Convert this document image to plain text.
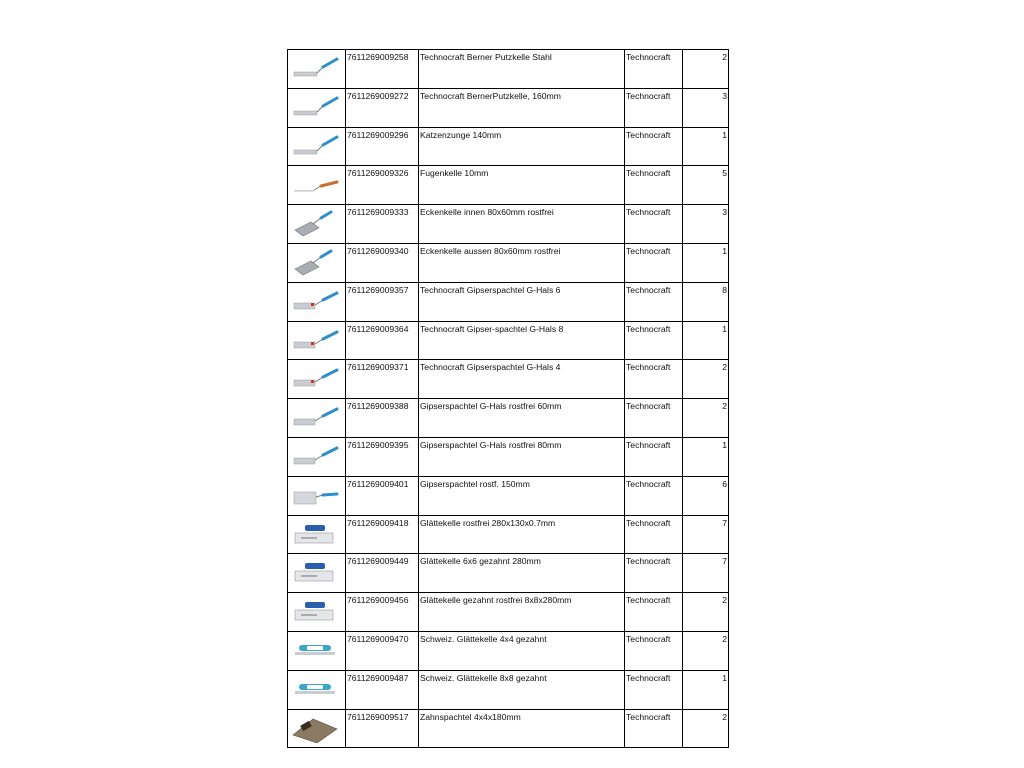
	7611269009258	Technocraft Berner Putzkelle Stahl	Technocraft	2

	7611269009272	Technocraft BernerPutzkelle, 160mm	Technocraft	3

	7611269009296	Katzenzunge 140mm	Technocraft	1

	7611269009326	Fugenkelle 10mm	Technocraft	5

	7611269009333	Eckenkelle innen 80x60mm rostfrei	Technocraft	3

	7611269009340	Eckenkelle aussen 80x60mm rostfrei	Technocraft	1

	7611269009357	Technocraft Gipserspachtel G-Hals 6	Technocraft	8

	7611269009364	Technocraft Gipser-spachtel G-Hals 8	Technocraft	1

	7611269009371	Technocraft Gipserspachtel G-Hals 4	Technocraft	2

	7611269009388	Gipserspachtel G-Hals rostfrei 60mm	Technocraft	2

	7611269009395	Gipserspachtel G-Hals rostfrei 80mm	Technocraft	1

	7611269009401	Gipserspachtel rostf. 150mm	Technocraft	6

	7611269009418	Glättekelle rostfrei 280x130x0.7mm	Technocraft	7

	7611269009449	Glättekelle 6x6 gezahnt 280mm	Technocraft	7

	7611269009456	Glättekelle gezahnt rostfrei 8x8x280mm	Technocraft	2

	7611269009470	Schweiz. Glättekelle 4x4 gezahnt	Technocraft	2

	7611269009487	Schweiz. Glättekelle 8x8 gezahnt	Technocraft	1

	7611269009517	Zahnspachtel 4x4x180mm	Technocraft	2
